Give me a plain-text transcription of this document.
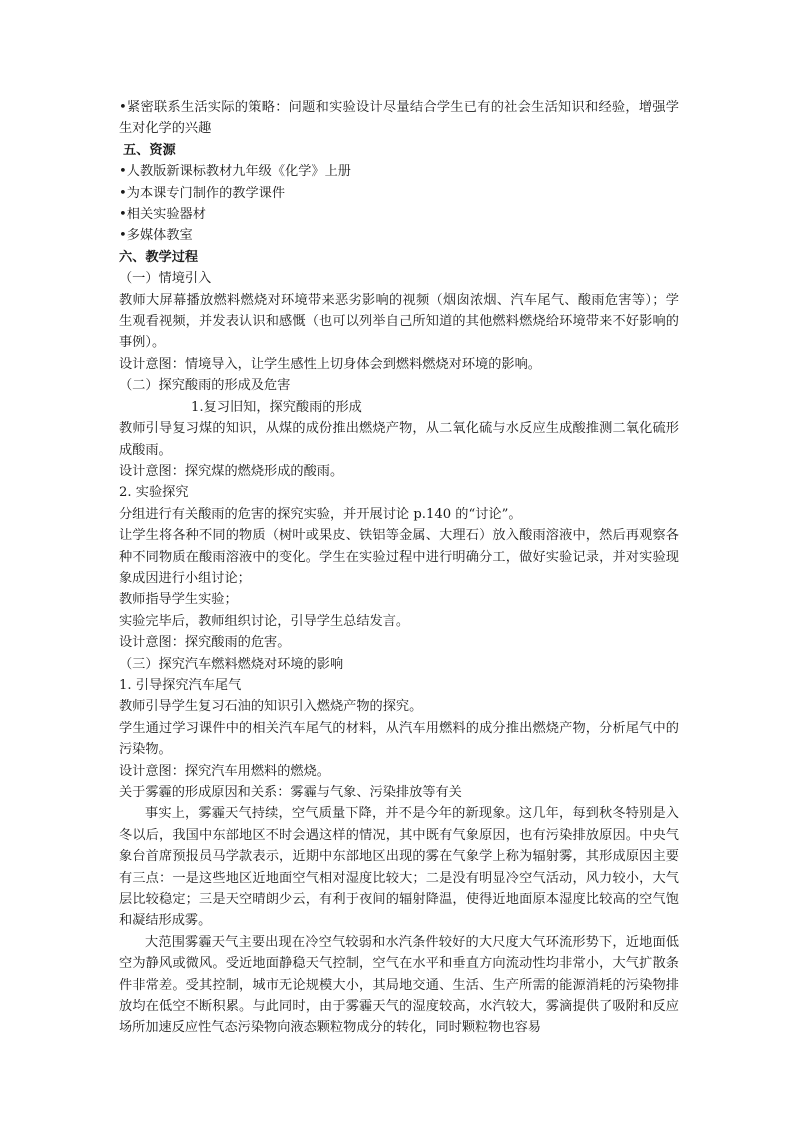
•紧密联系生活实际的策略：问题和实验设计尽量结合学生已有的社会生活知识和经验，增强学生对化学的兴趣
五、资源
•人教版新课标教材九年级《化学》上册
•为本课专门制作的教学课件
•相关实验器材
•多媒体教室
六、教学过程
（一）情境引入
教师大屏幕播放燃料燃烧对环境带来恶劣影响的视频（烟囱浓烟、汽车尾气、酸雨危害等）；学生观看视频，并发表认识和感慨（也可以列举自己所知道的其他燃料燃烧给环境带来不好影响的事例）。
设计意图：情境导入，让学生感性上切身体会到燃料燃烧对环境的影响。
（二）探究酸雨的形成及危害
1.复习旧知，探究酸雨的形成
教师引导复习煤的知识，从煤的成份推出燃烧产物，从二氧化硫与水反应生成酸推测二氧化硫形成酸雨。
设计意图：探究煤的燃烧形成的酸雨。
2. 实验探究
分组进行有关酸雨的危害的探究实验，并开展讨论 p.140 的“讨论”。
让学生将各种不同的物质（树叶或果皮、铁铝等金属、大理石）放入酸雨溶液中，然后再观察各种不同物质在酸雨溶液中的变化。学生在实验过程中进行明确分工，做好实验记录，并对实验现象成因进行小组讨论；
教师指导学生实验；
实验完毕后，教师组织讨论，引导学生总结发言。
设计意图：探究酸雨的危害。
（三）探究汽车燃料燃烧对环境的影响
1. 引导探究汽车尾气
教师引导学生复习石油的知识引入燃烧产物的探究。
学生通过学习课件中的相关汽车尾气的材料，从汽车用燃料的成分推出燃烧产物，分析尾气中的污染物。
设计意图：探究汽车用燃料的燃烧。
关于雾霾的形成原因和关系：雾霾与气象、污染排放等有关
事实上，雾霾天气持续，空气质量下降，并不是今年的新现象。这几年，每到秋冬特别是入冬以后，我国中东部地区不时会遇这样的情况，其中既有气象原因，也有污染排放原因。中央气象台首席预报员马学款表示，近期中东部地区出现的雾在气象学上称为辐射雾，其形成原因主要有三点：一是这些地区近地面空气相对湿度比较大；二是没有明显冷空气活动，风力较小，大气层比较稳定；三是天空晴朗少云，有利于夜间的辐射降温，使得近地面原本湿度比较高的空气饱和凝结形成雾。
大范围雾霾天气主要出现在冷空气较弱和水汽条件较好的大尺度大气环流形势下，近地面低空为静风或微风。受近地面静稳天气控制，空气在水平和垂直方向流动性均非常小，大气扩散条件非常差。受其控制，城市无论规模大小，其局地交通、生活、生产所需的能源消耗的污染物排放均在低空不断积累。与此同时，由于雾霾天气的湿度较高，水汽较大，雾滴提供了吸附和反应场所加速反应性气态污染物向液态颗粒物成分的转化，同时颗粒物也容易
